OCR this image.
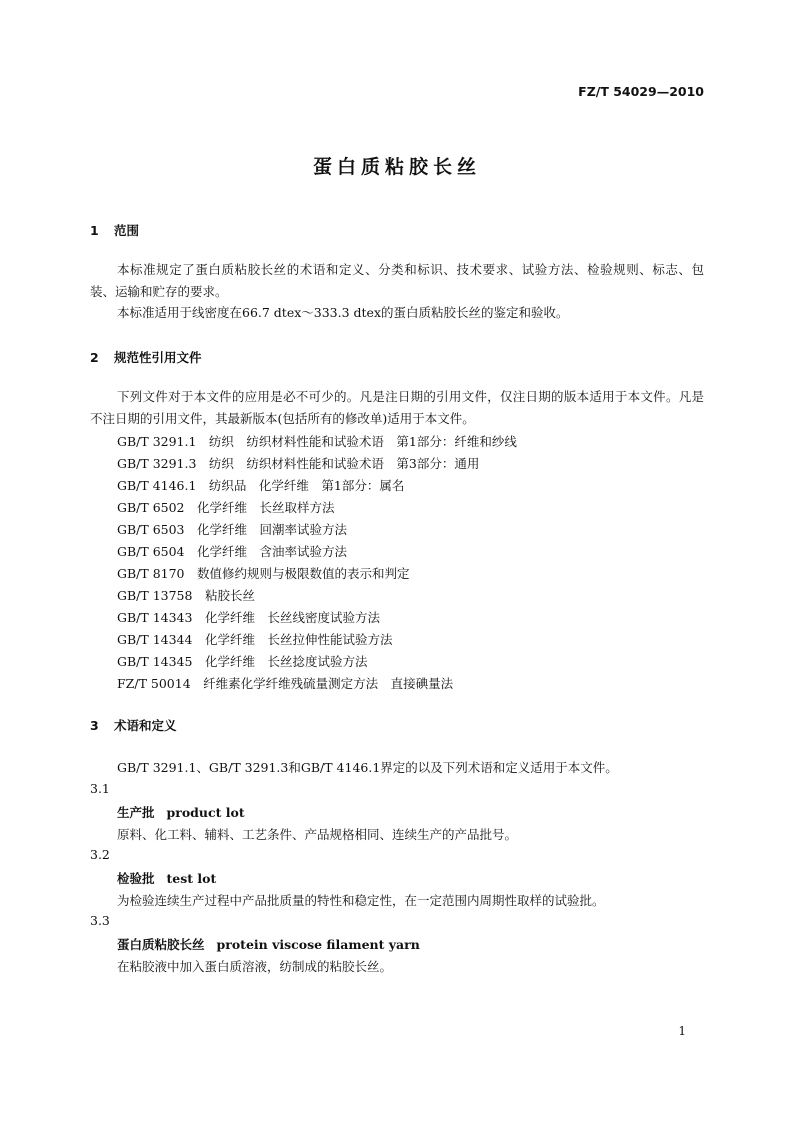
FZ/T 54029—2010
蛋白质粘胶长丝
1 范围
本标准规定了蛋白质粘胶长丝的术语和定义、分类和标识、技术要求、试验方法、检验规则、标志、包装、运输和贮存的要求。
本标准适用于线密度在66.7 dtex～333.3 dtex的蛋白质粘胶长丝的鉴定和验收。
2 规范性引用文件
下列文件对于本文件的应用是必不可少的。凡是注日期的引用文件，仅注日期的版本适用于本文件。凡是不注日期的引用文件，其最新版本(包括所有的修改单)适用于本文件。
GB/T 3291.1　纺织　纺织材料性能和试验术语　第1部分：纤维和纱线
GB/T 3291.3　纺织　纺织材料性能和试验术语　第3部分：通用
GB/T 4146.1　纺织品　化学纤维　第1部分：属名
GB/T 6502　化学纤维　长丝取样方法
GB/T 6503　化学纤维　回潮率试验方法
GB/T 6504　化学纤维　含油率试验方法
GB/T 8170　数值修约规则与极限数值的表示和判定
GB/T 13758　粘胶长丝
GB/T 14343　化学纤维　长丝线密度试验方法
GB/T 14344　化学纤维　长丝拉伸性能试验方法
GB/T 14345　化学纤维　长丝捻度试验方法
FZ/T 50014　纤维素化学纤维残硫量测定方法　直接碘量法
3 术语和定义
GB/T 3291.1、GB/T 3291.3和GB/T 4146.1界定的以及下列术语和定义适用于本文件。
3.1
生产批 product lot
原料、化工料、辅料、工艺条件、产品规格相同、连续生产的产品批号。
3.2
检验批 test lot
为检验连续生产过程中产品批质量的特性和稳定性，在一定范围内周期性取样的试验批。
3.3
蛋白质粘胶长丝 protein viscose filament yarn
在粘胶液中加入蛋白质溶液，纺制成的粘胶长丝。
1
